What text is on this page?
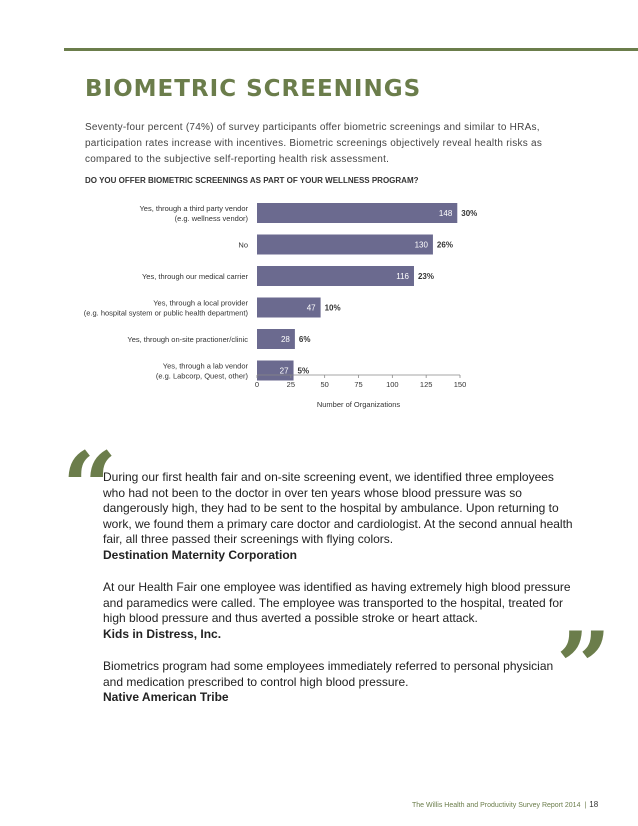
BIOMETRIC SCREENINGS

Seventy-four percent (74%) of survey participants offer biometric screenings and similar to HRAs, participation rates increase with incentives. Biometric screenings objectively reveal health risks as compared to the subjective self-reporting health risk assessment.

DO YOU OFFER BIOMETRIC SCREENINGS AS PART OF YOUR WELLNESS PROGRAM?

148 30%
Yes, through a third party vendor
(e.g. wellness vendor)
130 26%
No
116 23%
Yes, through our medical carrier
47 10%
Yes, through a local provider
(e.g. hospital system or public health department)
28 6%
Yes, through on-site practioner/clinic
27 5%
Yes, through a lab vendor
(e.g. Labcorp, Quest, other)
0	25	50	75	100	125	150
Number of Organizations
“

During our first health fair and on-site screening event, we identified three employees who had not been to the doctor in over ten years whose blood pressure was so dangerously high, they had to be sent to the hospital by ambulance. Upon returning to work, we found them a primary care doctor and cardiologist. At the second annual health fair, all three passed their screenings with flying colors.

Destination Maternity Corporation

At our Health Fair one employee was identified as having extremely high blood pressure and paramedics were called. The employee was transported to the hospital, treated for high blood pressure and thus averted a possible stroke or heart attack.

Kids in Distress, Inc.

Biometrics program had some employees immediately referred to personal physician and medication prescribed to control high blood pressure.

Native American Tribe	”
The Willis Health and Productivity Survey Report 2014 | 18
